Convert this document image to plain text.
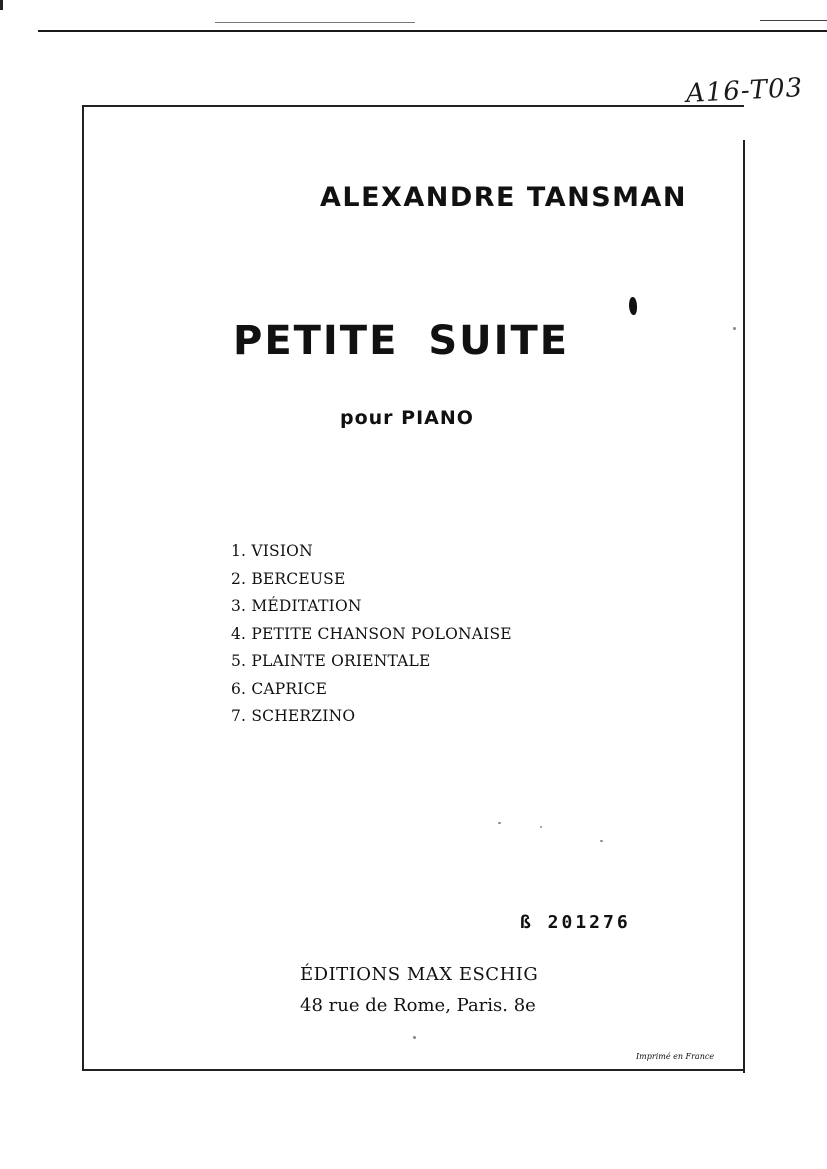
A16-T03
ALEXANDRE TANSMAN
PETITE SUITE
pour PIANO
1. VISION
2. BERCEUSE
3. MÉDITATION
4. PETITE CHANSON POLONAISE
5. PLAINTE ORIENTALE
6. CAPRICE
7. SCHERZINO
ß 201276
ÉDITIONS MAX ESCHIG
48 rue de Rome, Paris. 8e
Imprimé en France
